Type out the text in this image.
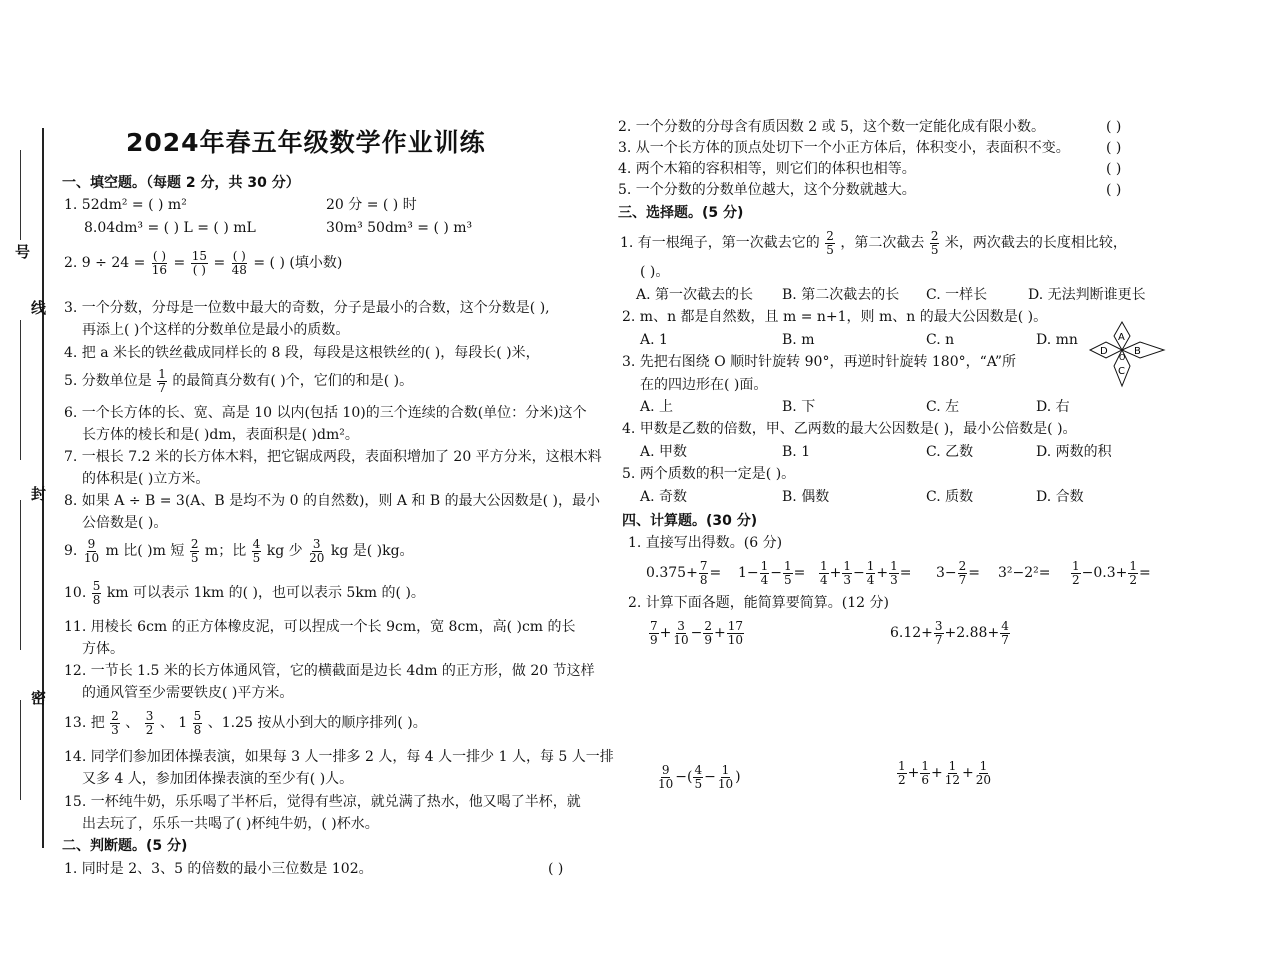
号
线
封
密
2024年春五年级数学作业训练
一、填空题。（每题 2 分，共 30 分）
1. 52dm² = ( ) m²	20 分 = ( ) 时
8.04dm³ = ( ) L = ( ) mL	30m³ 50dm³ = ( ) m³
2. 9 ÷ 24 = ( )
16 = 15
( ) = ( )
48 = ( ) (填小数)
3. 一个分数，分母是一位数中最大的奇数，分子是最小的合数，这个分数是( ),
再添上( )个这样的分数单位是最小的质数。
4. 把 a 米长的铁丝截成同样长的 8 段，每段是这根铁丝的( )，每段长( )米，
5. 分数单位是 $\frac{1}{7}$ 的最简真分数有( )个，它们的和是( )。
6. 一个长方体的长、宽、高是 10 以内(包括 10)的三个连续的合数(单位：分米)这个
长方体的棱长和是( )dm，表面积是( )dm²。
7. 一根长 7.2 米的长方体木料，把它锯成两段，表面积增加了 20 平方分米，这根木料
的体积是( )立方米。
8. 如果 A ÷ B = 3(A、B 是均不为 0 的自然数)，则 A 和 B 的最大公因数是( )，最小
公倍数是( )。
9. $\frac{9}{10}$ m 比( )m 短 $\frac{2}{5}$ m；比 $\frac{4}{5}$ kg 少 $\frac{3}{20}$ kg 是( )kg。
10. $\frac{5}{8}$ km 可以表示 1km 的( )，也可以表示 5km 的( )。
11. 用棱长 6cm 的正方体橡皮泥，可以捏成一个长 9cm，宽 8cm，高( )cm 的长
方体。
12. 一节长 1.5 米的长方体通风管，它的横截面是边长 4dm 的正方形，做 20 节这样
的通风管至少需要铁皮( )平方米。
13. 把 $\frac{2}{3}$ 、 $\frac{3}{2}$ 、 $1 \frac{5}{8}$ 、1.25 按从小到大的顺序排列( )。
14. 同学们参加团体操表演，如果每 3 人一排多 2 人，每 4 人一排少 1 人，每 5 人一排
又多 4 人，参加团体操表演的至少有( )人。
15. 一杯纯牛奶，乐乐喝了半杯后，觉得有些凉，就兑满了热水，他又喝了半杯，就
出去玩了，乐乐一共喝了( )杯纯牛奶，( )杯水。
二、判断题。(5 分)
1. 同时是 2、3、5 的倍数的最小三位数是 102。	( )
2. 一个分数的分母含有质因数 2 或 5，这个数一定能化成有限小数。	( )
3. 从一个长方体的顶点处切下一个小正方体后，体积变小，表面积不变。	( )
4. 两个木箱的容积相等，则它们的体积也相等。	( )
5. 一个分数的分数单位越大，这个分数就越大。	( )
三、选择题。(5 分)
1. 有一根绳子，第一次截去它的 $\frac{2}{5}$ ，第二次截去 $\frac{2}{5}$ 米，两次截去的长度相比较，
( )。
A. 第一次截去的长 B. 第二次截去的长 C. 一样长	D. 无法判断谁更长
2. m、n 都是自然数，且 m = n+1，则 m、n 的最大公因数是( )。
A. 1	B. m	C. n	D. mn	A
B
C
D
O
3. 先把右图绕 O 顺时针旋转 90°，再逆时针旋转 180°，“A”所
在的四边形在( )面。
A. 上	B. 下	C. 左	D. 右
4. 甲数是乙数的倍数，甲、乙两数的最大公因数是( )，最小公倍数是( )。
A. 甲数	B. 1	C. 乙数	D. 两数的积
5. 两个质数的积一定是( )。
A. 奇数	B. 偶数	C. 质数	D. 合数
四、计算题。(30 分)
1. 直接写出得数。(6 分)
$0.375+ \frac{7}{8} = 1- \frac{1}{4} - \frac{1}{5} = \frac{1}{4} + \frac{1}{3} - \frac{1}{4} + \frac{1}{3} = 3- \frac{2}{7} = 3^2-2^2= \frac{1}{2} -0.3+ \frac{1}{2}$ =
2. 计算下面各题，能简算要简算。(12 分)
$\frac{7}{9} + \frac{3}{10} - \frac{2}{9} + \frac{17}{10}$	$6.12+ \frac{3}{7} +2.88+ \frac{4}{7}$
$\frac{9}{10}$ −( $\frac{4}{5} - \frac{1}{10}$ )	$\frac{1}{2} + \frac{1}{6} + \frac{1}{12} + \frac{1}{20}$
